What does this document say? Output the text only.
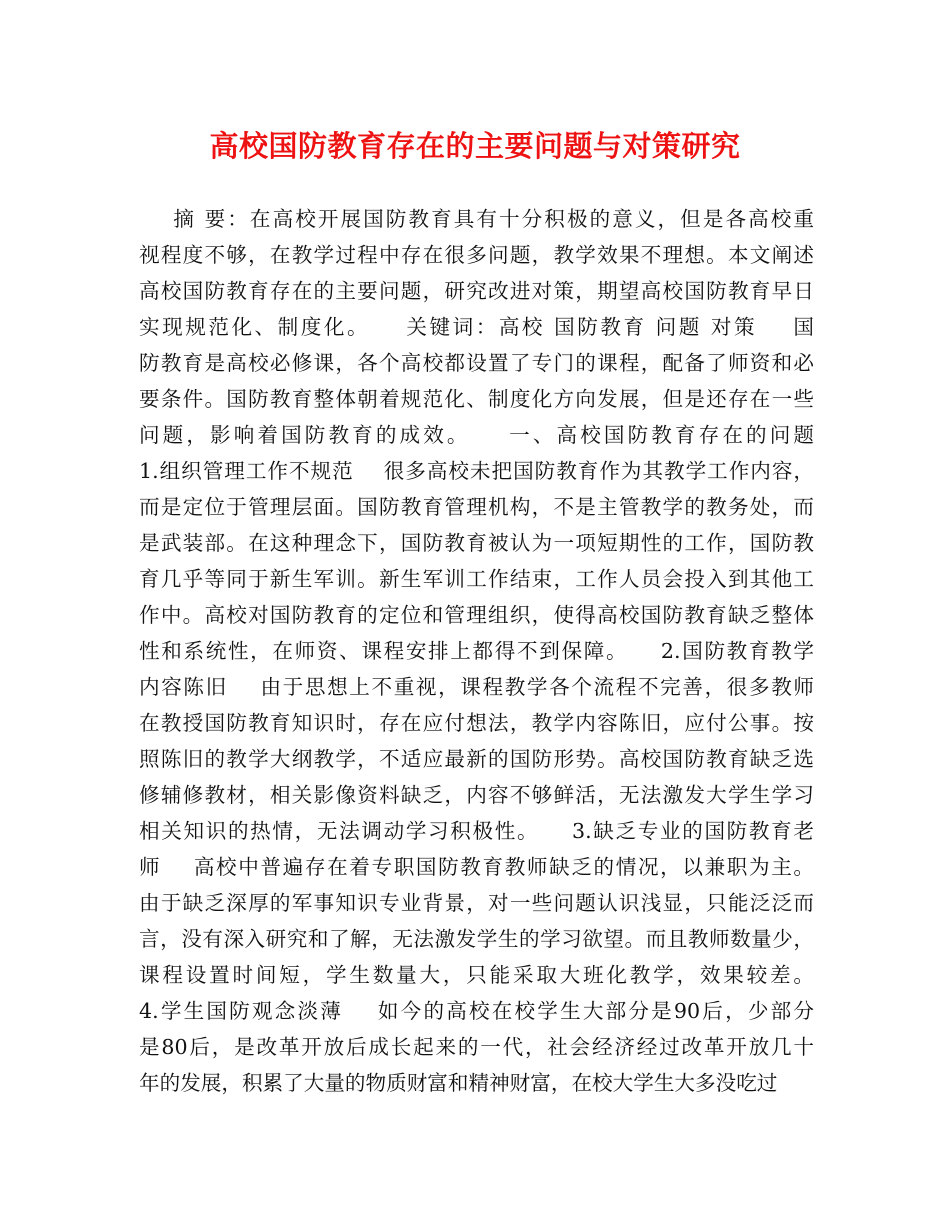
高校国防教育存在的主要问题与对策研究
摘 要：在高校开展国防教育具有十分积极的意义，但是各高校重
视程度不够，在教学过程中存在很多问题，教学效果不理想。本文阐述
高校国防教育存在的主要问题，研究改进对策，期望高校国防教育早日
实现规范化、制度化。    关键词：高校 国防教育 问题 对策    国
防教育是高校必修课，各个高校都设置了专门的课程，配备了师资和必
要条件。国防教育整体朝着规范化、制度化方向发展，但是还存在一些
问题，影响着国防教育的成效。    一、高校国防教育存在的问题
1.组织管理工作不规范    很多高校未把国防教育作为其教学工作内容，
而是定位于管理层面。国防教育管理机构，不是主管教学的教务处，而
是武装部。在这种理念下，国防教育被认为一项短期性的工作，国防教
育几乎等同于新生军训。新生军训工作结束，工作人员会投入到其他工
作中。高校对国防教育的定位和管理组织，使得高校国防教育缺乏整体
性和系统性，在师资、课程安排上都得不到保障。    2.国防教育教学
内容陈旧    由于思想上不重视，课程教学各个流程不完善，很多教师
在教授国防教育知识时，存在应付想法，教学内容陈旧，应付公事。按
照陈旧的教学大纲教学，不适应最新的国防形势。高校国防教育缺乏选
修辅修教材，相关影像资料缺乏，内容不够鲜活，无法激发大学生学习
相关知识的热情，无法调动学习积极性。    3.缺乏专业的国防教育老
师    高校中普遍存在着专职国防教育教师缺乏的情况，以兼职为主。
由于缺乏深厚的军事知识专业背景，对一些问题认识浅显，只能泛泛而
言，没有深入研究和了解，无法激发学生的学习欲望。而且教师数量少，
课程设置时间短，学生数量大，只能采取大班化教学，效果较差。
4.学生国防观念淡薄    如今的高校在校学生大部分是90后，少部分
是80后，是改革开放后成长起来的一代，社会经济经过改革开放几十
年的发展，积累了大量的物质财富和精神财富，在校大学生大多没吃过
